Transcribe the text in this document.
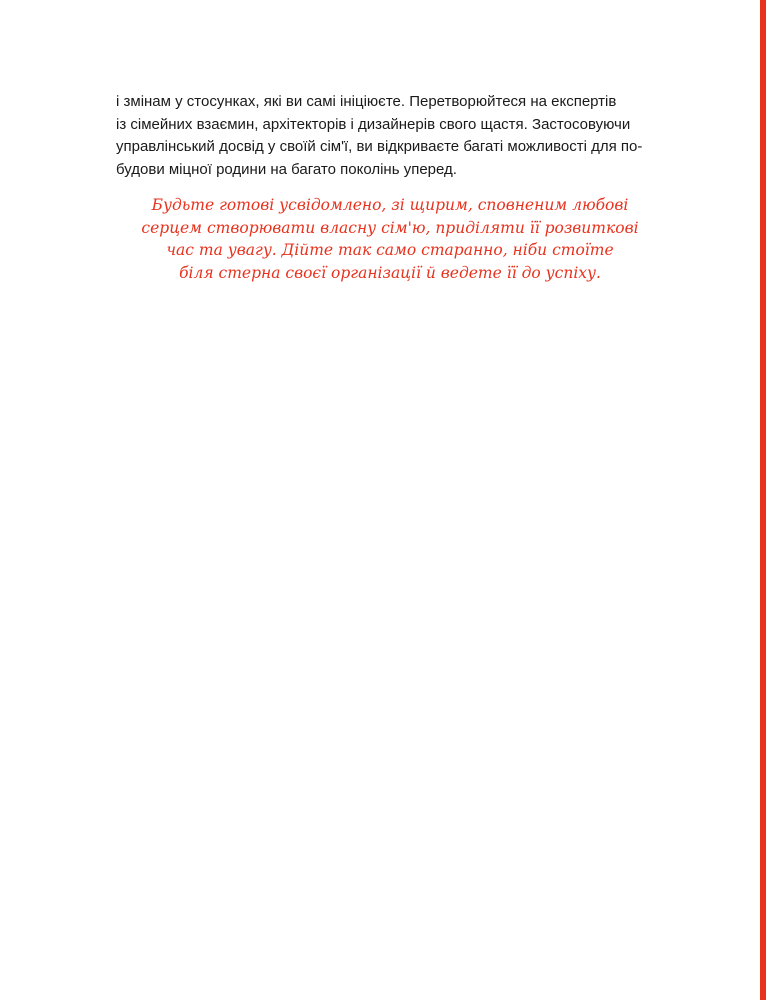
і змінам у стосунках, які ви самі ініціюєте. Перетворюйтеся на експертів
із сімейних взаємин, архітекторів і дизайнерів свого щастя. Застосовуючи
управлінський досвід у своїй сім'ї, ви відкриваєте багаті можливості для по-
будови міцної родини на багато поколінь уперед.

Будьте готові усвідомлено, зі щирим, сповненим любові
серцем створювати власну сім'ю, приділяти її розвиткові
час та увагу. Дійте так само старанно, ніби стоїте
біля стерна своєї організації й ведете її до успіху.
